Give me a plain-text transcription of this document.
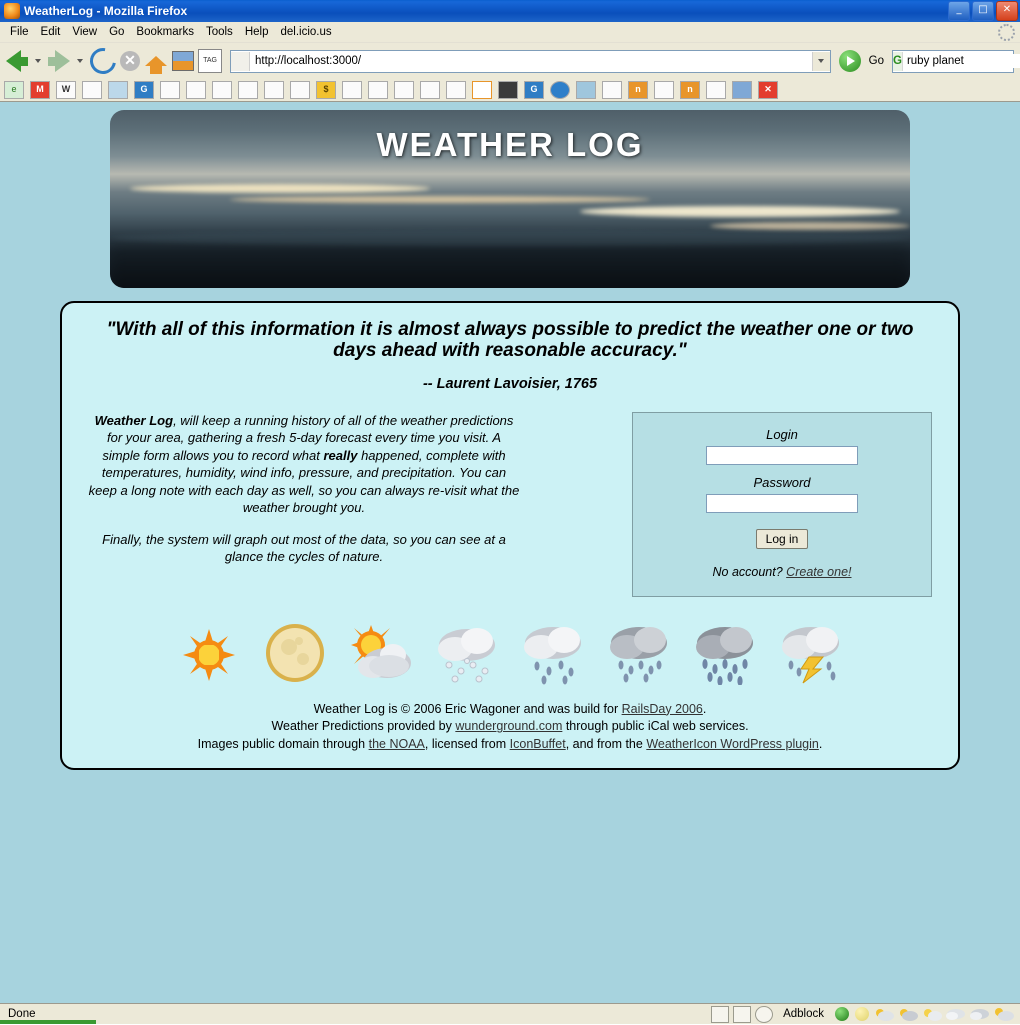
WeatherLog - Mozilla Firefox	_	□	✕
File	Edit	View	Go	Bookmarks	Tools	Help	del.icio.us
✕	TAG
http://localhost:3000/	Go G
ruby planet
e	M	W	G	$	G	n	n	✕
WEATHER LOG
"With all of this information it is almost always possible to predict the weather one or two days ahead with reasonable accuracy."
-- Laurent Lavoisier, 1765

Weather Log, will keep a running history of all of the weather predictions for your area, gathering a fresh 5-day forecast every time you visit. A simple form allows you to record what really happened, complete with temperatures, humidity, wind info, pressure, and precipitation. You can keep a long note with each day as well, so you can always re-visit what the weather brought you.

Finally, the system will graph out most of the data, so you can see at a glance the cycles of nature.

Login
Password
Log in
No account? Create one!
Weather Log is © 2006 Eric Wagoner and was build for RailsDay 2006.
Weather Predictions provided by wunderground.com through public iCal web services.
Images public domain through the NOAA, licensed from IconBuffet, and from the WeatherIcon WordPress plugin.
Done	Adblock
